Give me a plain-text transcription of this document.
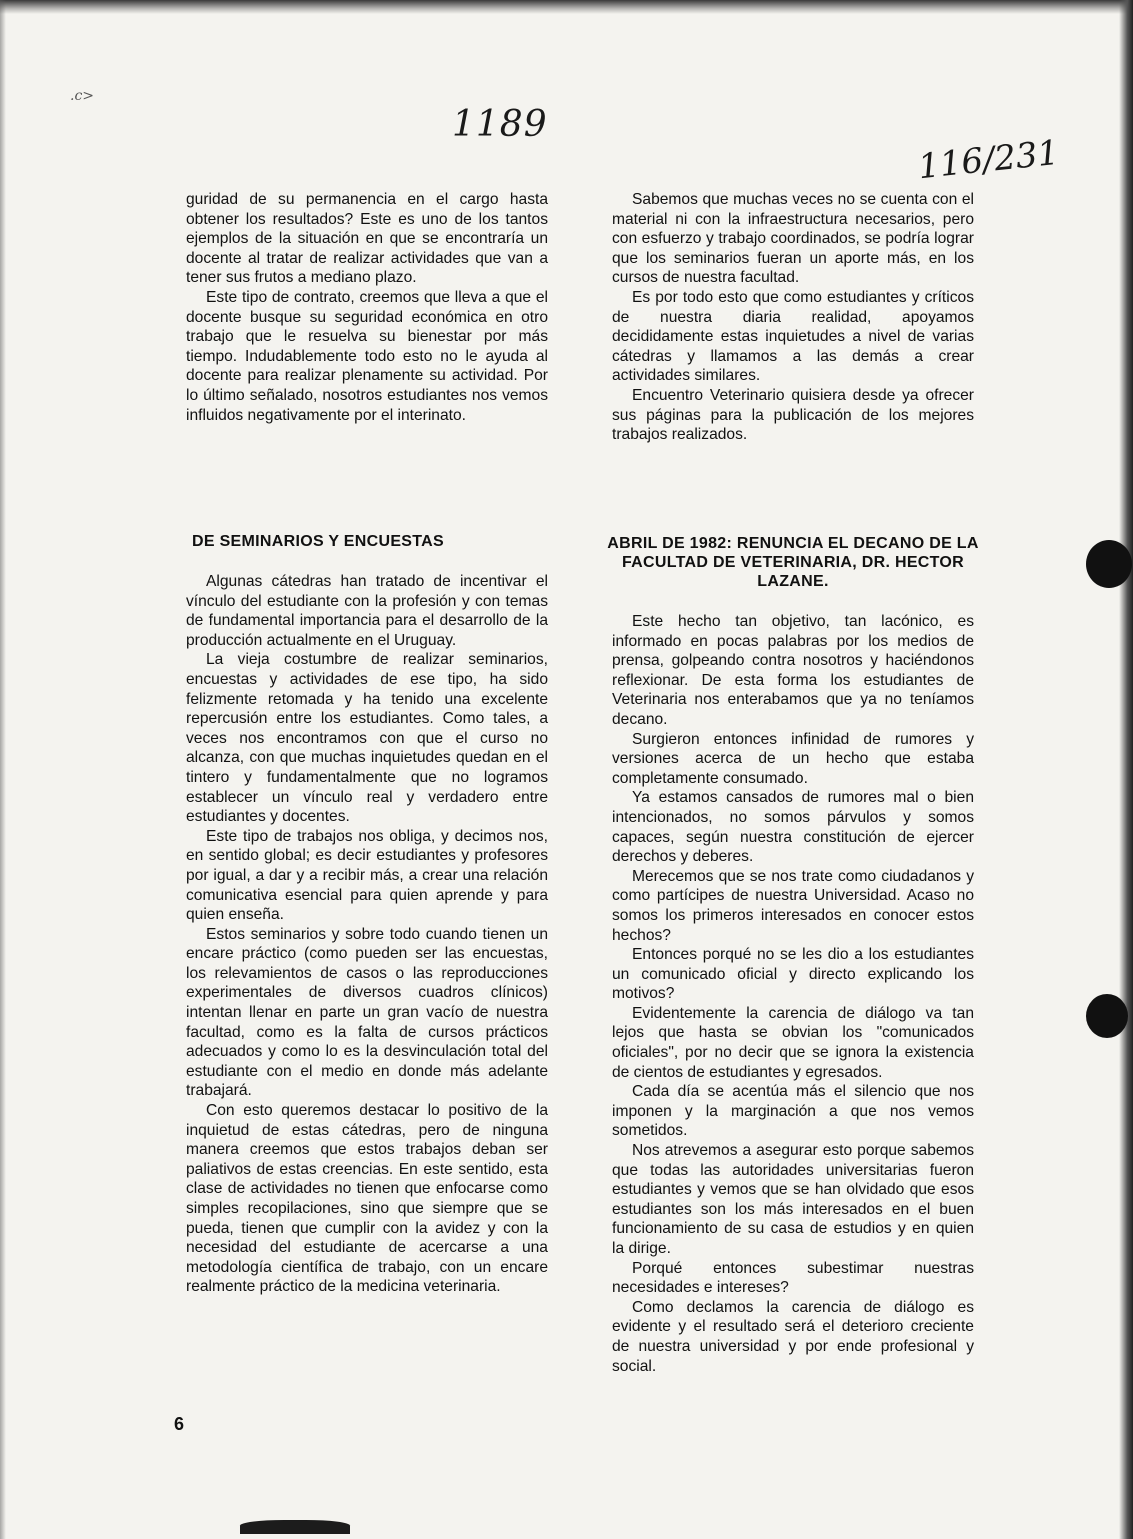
.c>
1189
116/231

guridad de su permanencia en el cargo hasta obtener los resultados? Este es uno de los tantos ejemplos de la situación en que se encontraría un docente al tratar de realizar actividades que van a tener sus frutos a mediano plazo.

Este tipo de contrato, creemos que lleva a que el docente busque su seguridad económica en otro trabajo que le resuelva su bienestar por más tiempo. Indudablemente todo esto no le ayuda al docente para realizar plenamente su actividad. Por lo último señalado, nosotros estudiantes nos vemos influidos negativamente por el interinato.

Sabemos que muchas veces no se cuenta con el material ni con la infraestructura necesarios, pero con esfuerzo y trabajo coordinados, se podría lograr que los seminarios fueran un aporte más, en los cursos de nuestra facultad.

Es por todo esto que como estudiantes y críticos de nuestra diaria realidad, apoyamos decididamente estas inquietudes a nivel de varias cátedras y llamamos a las demás a crear actividades similares.

Encuentro Veterinario quisiera desde ya ofrecer sus páginas para la publicación de los mejores trabajos realizados.

DE SEMINARIOS Y ENCUESTAS

Algunas cátedras han tratado de incentivar el vínculo del estudiante con la profesión y con temas de fundamental importancia para el desarrollo de la producción actualmente en el Uruguay.

La vieja costumbre de realizar seminarios, encuestas y actividades de ese tipo, ha sido felizmente retomada y ha tenido una excelente repercusión entre los estudiantes. Como tales, a veces nos encontramos con que el curso no alcanza, con que muchas inquietudes quedan en el tintero y fundamentalmente que no logramos establecer un vínculo real y verdadero entre estudiantes y docentes.

Este tipo de trabajos nos obliga, y decimos nos, en sentido global; es decir estudiantes y profesores por igual, a dar y a recibir más, a crear una relación comunicativa esencial para quien aprende y para quien enseña.

Estos seminarios y sobre todo cuando tienen un encare práctico (como pueden ser las encuestas, los relevamientos de casos o las reproducciones experimentales de diversos cuadros clínicos) intentan llenar en parte un gran vacío de nuestra facultad, como es la falta de cursos prácticos adecuados y como lo es la desvinculación total del estudiante con el medio en donde más adelante trabajará.

Con esto queremos destacar lo positivo de la inquietud de estas cátedras, pero de ninguna manera creemos que estos trabajos deban ser paliativos de estas creencias. En este sentido, esta clase de actividades no tienen que enfocarse como simples recopilaciones, sino que siempre que se pueda, tienen que cumplir con la avidez y con la necesidad del estudiante de acercarse a una metodología científica de trabajo, con un encare realmente práctico de la medicina veterinaria.

ABRIL DE 1982: RENUNCIA EL DECANO DE LA FACULTAD DE VETERINARIA, DR. HECTOR LAZANE.

Este hecho tan objetivo, tan lacónico, es informado en pocas palabras por los medios de prensa, golpeando contra nosotros y haciéndonos reflexionar. De esta forma los estudiantes de Veterinaria nos enterabamos que ya no teníamos decano.

Surgieron entonces infinidad de rumores y versiones acerca de un hecho que estaba completamente consumado.

Ya estamos cansados de rumores mal o bien intencionados, no somos párvulos y somos capaces, según nuestra constitución de ejercer derechos y deberes.

Merecemos que se nos trate como ciudadanos y como partícipes de nuestra Universidad. Acaso no somos los primeros interesados en conocer estos hechos?

Entonces porqué no se les dio a los estudiantes un comunicado oficial y directo explicando los motivos?

Evidentemente la carencia de diálogo va tan lejos que hasta se obvian los "comunicados oficiales", por no decir que se ignora la existencia de cientos de estudiantes y egresados.

Cada día se acentúa más el silencio que nos imponen y la marginación a que nos vemos sometidos.

Nos atrevemos a asegurar esto porque sabemos que todas las autoridades universitarias fueron estudiantes y vemos que se han olvidado que esos estudiantes son los más interesados en el buen funcionamiento de su casa de estudios y en quien la dirige.

Porqué entonces subestimar nuestras necesidades e intereses?

Como declamos la carencia de diálogo es evidente y el resultado será el deterioro creciente de nuestra universidad y por ende profesional y social.

6
